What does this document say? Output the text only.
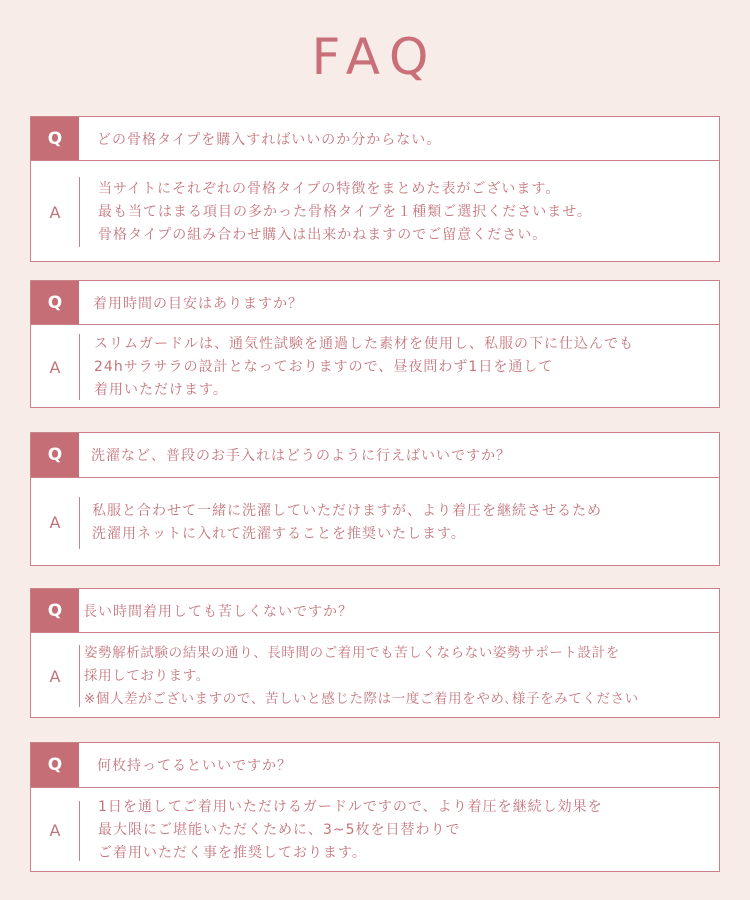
FAQ
Q	どの骨格タイプを購入すればいいのか分からない。
A
当サイトにそれぞれの骨格タイプの特徴をまとめた表がございます。
最も当てはまる項目の多かった骨格タイプを１種類ご選択くださいませ。
骨格タイプの組み合わせ購入は出来かねますのでご留意ください。
Q	着用時間の目安はありますか？
A
スリムガードルは、通気性試験を通過した素材を使用し、私服の下に仕込んでも
24hサラサラの設計となっておりますので、昼夜問わず1日を通して
着用いただけます。
Q	洗濯など、普段のお手入れはどうのように行えばいいですか？
A
私服と合わせて一緒に洗濯していただけますが、より着圧を継続させるため
洗濯用ネットに入れて洗濯することを推奨いたします。
Q	長い時間着用しても苦しくないですか？
A
姿勢解析試験の結果の通り、長時間のご着用でも苦しくならない姿勢サポート設計を
採用しております。
※個人差がございますので、苦しいと感じた際は一度ご着用をやめ､様子をみてください
Q	何枚持ってるといいですか？
A
1日を通してご着用いただけるガードルですので、より着圧を継続し効果を
最大限にご堪能いただくために、3~5枚を日替わりで
ご着用いただく事を推奨しております。
